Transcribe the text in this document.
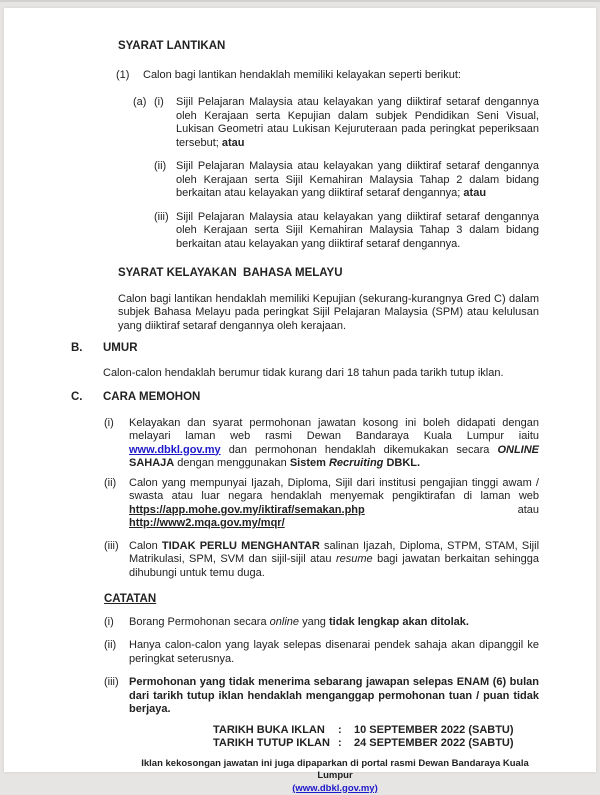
SYARAT LANTIKAN
(1)	Calon bagi lantikan hendaklah memiliki kelayakan seperti berikut:

(a) (i)	Sijil Pelajaran Malaysia atau kelayakan yang diiktiraf setaraf dengannya oleh Kerajaan serta Kepujian dalam subjek Pendidikan Seni Visual, Lukisan Geometri atau Lukisan Kejuruteraan pada peringkat peperiksaan tersebut; atau

(ii) Sijil Pelajaran Malaysia atau kelayakan yang diiktiraf setaraf dengannya oleh Kerajaan serta Sijil Kemahiran Malaysia Tahap 2 dalam bidang berkaitan atau kelayakan yang diiktiraf setaraf dengannya; atau

(iii) Sijil Pelajaran Malaysia atau kelayakan yang diiktiraf setaraf dengannya oleh Kerajaan serta Sijil Kemahiran Malaysia Tahap 3 dalam bidang berkaitan atau kelayakan yang diiktiraf setaraf dengannya.

SYARAT KELAYAKAN  BAHASA MELAYU

Calon bagi lantikan hendaklah memiliki Kepujian (sekurang-kurangnya Gred C) dalam subjek Bahasa Melayu pada peringkat Sijil Pelajaran Malaysia (SPM) atau kelulusan yang diiktiraf setaraf dengannya oleh kerajaan.

B.	UMUR

Calon-calon hendaklah berumur tidak kurang dari 18 tahun pada tarikh tutup iklan.

C.	CARA MEMOHON
(i)	Kelayakan dan syarat permohonan jawatan kosong ini boleh didapati dengan melayari laman web rasmi Dewan Bandaraya Kuala Lumpur iaitu www.dbkl.gov.my dan permohonan hendaklah dikemukakan secara ONLINE SAHAJA dengan menggunakan Sistem Recruiting DBKL.

(ii)	Calon yang mempunyai Ijazah, Diploma, Sijil dari institusi pengajian tinggi awam / swasta atau luar negara hendaklah menyemak pengiktirafan di laman web https://app.mohe.gov.my/iktiraf/semakan.php atau http://www2.mqa.gov.my/mqr/

(iii) Calon TIDAK PERLU MENGHANTAR salinan Ijazah, Diploma, STPM, STAM, Sijil Matrikulasi, SPM, SVM dan sijil-sijil atau resume bagi jawatan berkaitan sehingga dihubungi untuk temu duga.

CATATAN
(i)	Borang Permohonan secara online yang tidak lengkap akan ditolak.

(ii)	Hanya calon-calon yang layak selepas disenarai pendek sahaja akan dipanggil ke peringkat seterusnya.

(iii) Permohonan yang tidak menerima sebarang jawapan selepas ENAM (6) bulan dari tarikh tutup iklan hendaklah menganggap permohonan tuan / puan tidak berjaya.

TARIKH BUKA IKLAN	:	10 SEPTEMBER 2022 (SABTU)
TARIKH TUTUP IKLAN :	24 SEPTEMBER 2022 (SABTU)
Iklan kekosongan jawatan ini juga dipaparkan di portal rasmi Dewan Bandaraya Kuala Lumpur
(www.dbkl.gov.my)
